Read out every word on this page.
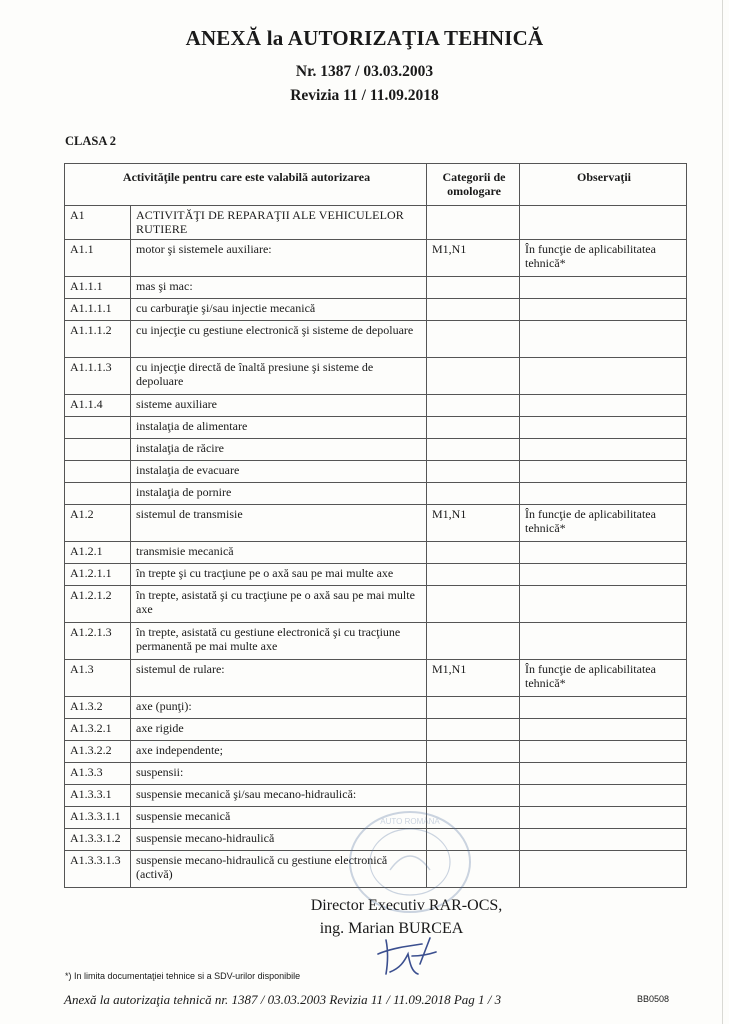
ANEXĂ la AUTORIZAŢIA TEHNICĂ
Nr. 1387 / 03.03.2003
Revizia 11 / 11.09.2018
CLASA 2
Activităţile pentru care este valabilă autorizarea		Categorii de omologare	Observaţii
A1	ACTIVITĂŢI DE REPARAŢII ALE VEHICULELOR RUTIERE		
A1.1	motor şi sistemele auxiliare:	M1,N1	În funcţie de aplicabilitatea tehnică*
A1.1.1	mas şi mac:		
A1.1.1.1	cu carburaţie şi/sau injectie mecanică		
A1.1.1.2	cu injecţie cu gestiune electronică şi sisteme de depoluare		
A1.1.1.3	cu injecţie directă de înaltă presiune şi sisteme de depoluare		
A1.1.4	sisteme auxiliare		
	instalaţia de alimentare		
	instalaţia de răcire		
	instalaţia de evacuare		
	instalaţia de pornire		
A1.2	sistemul de transmisie	M1,N1	În funcţie de aplicabilitatea tehnică*
A1.2.1	transmisie mecanică		
A1.2.1.1	în trepte şi cu tracţiune pe o axă sau pe mai multe axe		
A1.2.1.2	în trepte, asistată şi cu tracţiune pe o axă sau pe mai multe axe		
A1.2.1.3	în trepte, asistată cu gestiune electronică şi cu tracţiune permanentă pe mai multe axe		
A1.3	sistemul de rulare:	M1,N1	În funcţie de aplicabilitatea tehnică*
A1.3.2	axe (punţi):		
A1.3.2.1	axe rigide		
A1.3.2.2	axe independente;		
A1.3.3	suspensii:		
A1.3.3.1	suspensie mecanică şi/sau mecano-hidraulică:		
A1.3.3.1.1	suspensie mecanică		
A1.3.3.1.2	suspensie mecano-hidraulică		
A1.3.3.1.3	suspensie mecano-hidraulică cu gestiune electronică (activă)		
AUTO ROMÂNĂ
Director Executiv RAR-OCS,
ing. Marian BURCEA
*) In limita documentaţiei tehnice si a SDV-urilor disponibile
Anexă la autorizaţia tehnică nr. 1387 / 03.03.2003 Revizia 11 / 11.09.2018 Pag 1 / 3	BB0508
